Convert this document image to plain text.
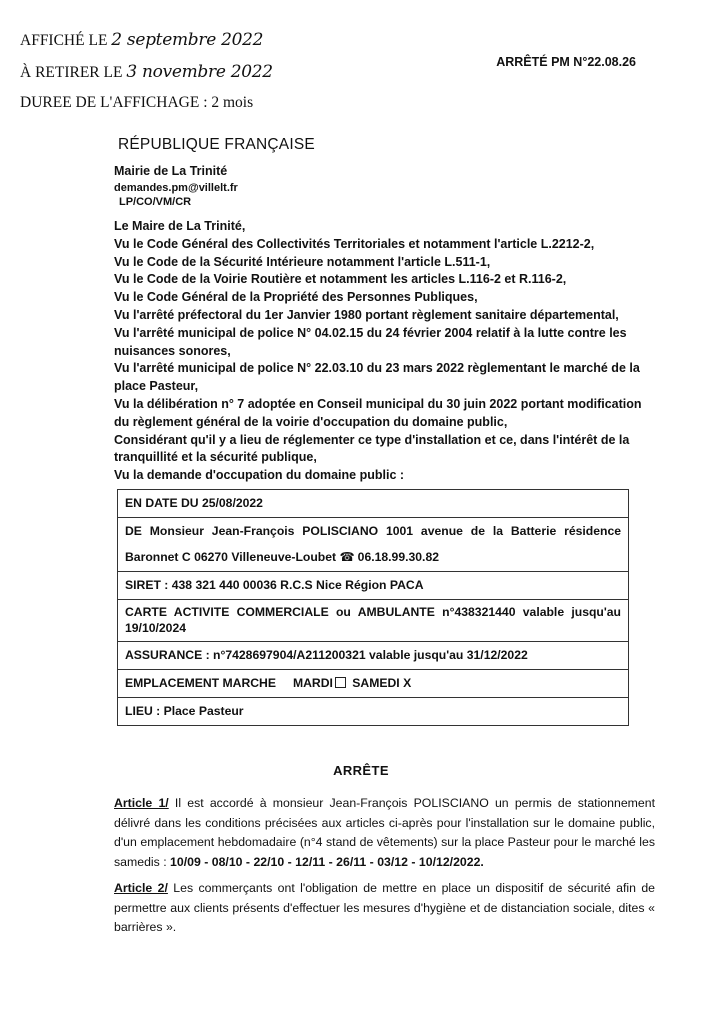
AFFICHÉ LE 2 septembre 2022
À RETIRER LE 3 novembre 2022
DUREE DE L'AFFICHAGE : 2 mois
ARRÊTÉ PM N°22.08.26
RÉPUBLIQUE FRANÇAISE
Mairie de La Trinité
demandes.pm@villelt.fr
LP/CO/VM/CR

Le Maire de La Trinité,

Vu le Code Général des Collectivités Territoriales et notamment l'article L.2212-2,

Vu le Code de la Sécurité Intérieure notamment l'article L.511-1,

Vu le Code de la Voirie Routière et notamment les articles L.116-2 et R.116-2,

Vu le Code Général de la Propriété des Personnes Publiques,

Vu l'arrêté préfectoral du 1er Janvier 1980 portant règlement sanitaire départemental,

Vu l'arrêté municipal de police N° 04.02.15 du 24 février 2004 relatif à la lutte contre les nuisances sonores,

Vu l'arrêté municipal de police N° 22.03.10 du 23 mars 2022 règlementant le marché de la place Pasteur,

Vu la délibération n° 7 adoptée en Conseil municipal du 30 juin 2022 portant modification du règlement général de la voirie d'occupation du domaine public,

Considérant qu'il y a lieu de réglementer ce type d'installation et ce, dans l'intérêt de la tranquillité et la sécurité publique,

Vu la demande d'occupation du domaine public :

EN DATE DU 25/08/2022
DE Monsieur Jean-François POLISCIANO 1001 avenue de la Batterie résidence
Baronnet C 06270 Villeneuve-Loubet ☎ 06.18.99.30.82
SIRET : 438 321 440 00036 R.C.S Nice Région PACA
CARTE ACTIVITE COMMERCIALE ou AMBULANTE n°438321440 valable jusqu'au
19/10/2024
ASSURANCE : n°7428697904/A211200321 valable jusqu'au 31/12/2022
EMPLACEMENT MARCHE MARDI SAMEDI X
LIEU : Place Pasteur
ARRÊTE
Article 1/ Il est accordé à monsieur Jean-François POLISCIANO un permis de stationnement délivré dans les conditions précisées aux articles ci-après pour l'installation sur le domaine public, d'un emplacement hebdomadaire (n°4 stand de vêtements) sur la place Pasteur pour le marché les samedis : 10/09 - 08/10 - 22/10 - 12/11 - 26/11 - 03/12 - 10/12/2022.
Article 2/ Les commerçants ont l'obligation de mettre en place un dispositif de sécurité afin de permettre aux clients présents d'effectuer les mesures d'hygiène et de distanciation sociale, dites « barrières ».
